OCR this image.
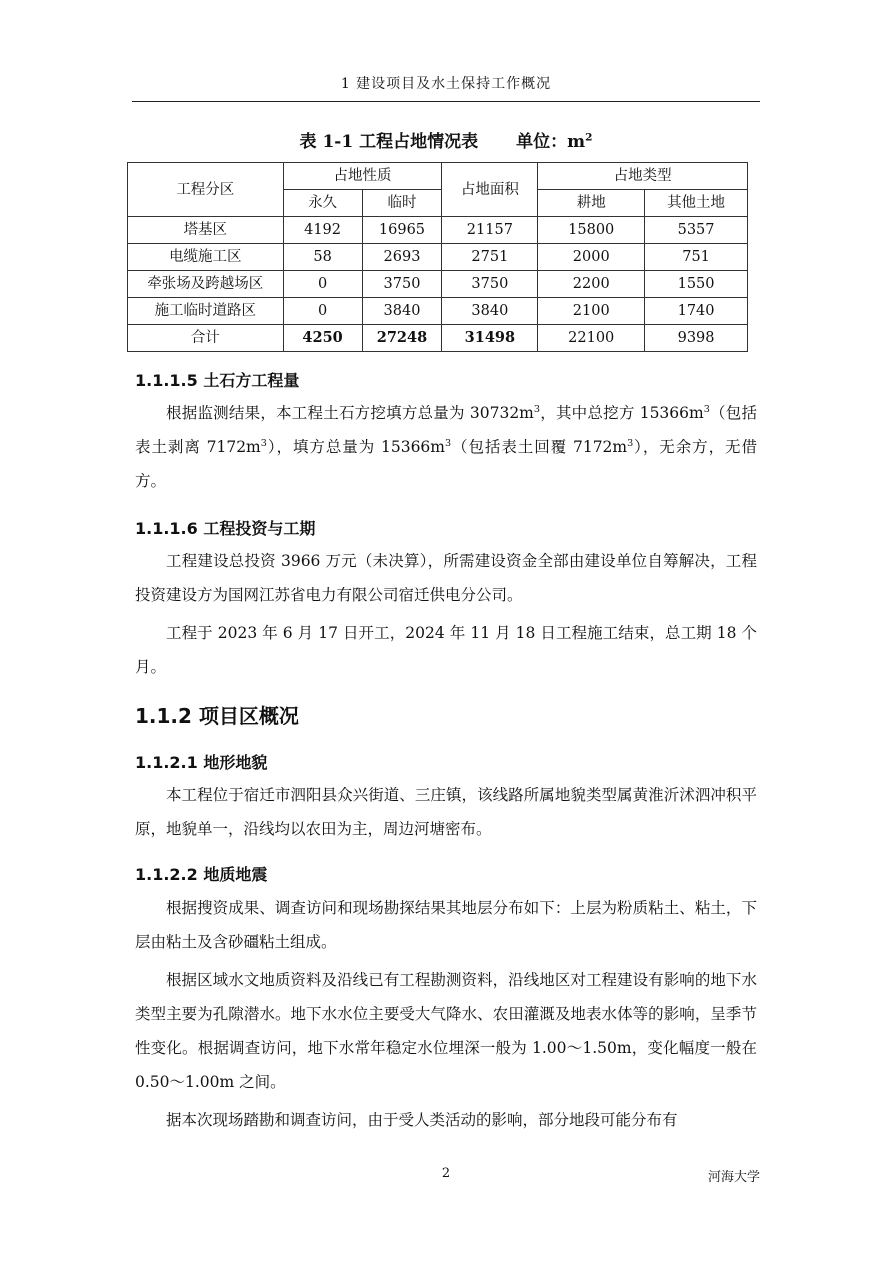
1 建设项目及水土保持工作概况
表 1-1 工程占地情况表 单位：$m^2$
工程分区	占地性质		占地面积	占地类型	
	永久	临时		耕地	其他土地
塔基区	4192	16965	21157	15800	5357
电缆施工区	58	2693	2751	2000	751
牵张场及跨越场区	0	3750	3750	2200	1550
施工临时道路区	0	3840	3840	2100	1740
合计	4250	27248	31498	22100	9398
1.1.1.5 土石方工程量
根据监测结果，本工程土石方挖填方总量为 $30732m^3$，其中总挖方 $15366m^3$（包括表土剥离 $7172m^3$），填方总量为 $15366m^3$（包括表土回覆 $7172m^3$），无余方，无借方。
1.1.1.6 工程投资与工期

工程建设总投资 3966 万元（未决算），所需建设资金全部由建设单位自筹解决，工程投资建设方为国网江苏省电力有限公司宿迁供电分公司。

工程于 2023 年 6 月 17 日开工，2024 年 11 月 18 日工程施工结束，总工期 18 个月。

1.1.2 项目区概况
1.1.2.1 地形地貌
本工程位于宿迁市泗阳县众兴街道、三庄镇，该线路所属地貌类型属黄淮沂沭泗冲积平原，地貌单一，沿线均以农田为主，周边河塘密布。
1.1.2.2 地质地震

根据搜资成果、调查访问和现场勘探结果其地层分布如下：上层为粉质粘土、粘土，下层由粘土及含砂礓粘土组成。

根据区域水文地质资料及沿线已有工程勘测资料，沿线地区对工程建设有影响的地下水类型主要为孔隙潜水。地下水水位主要受大气降水、农田灌溉及地表水体等的影响，呈季节性变化。根据调查访问，地下水常年稳定水位埋深一般为 1.00～1.50m，变化幅度一般在 0.50～1.00m 之间。

据本次现场踏勘和调查访问，由于受人类活动的影响，部分地段可能分布有

2	河海大学
